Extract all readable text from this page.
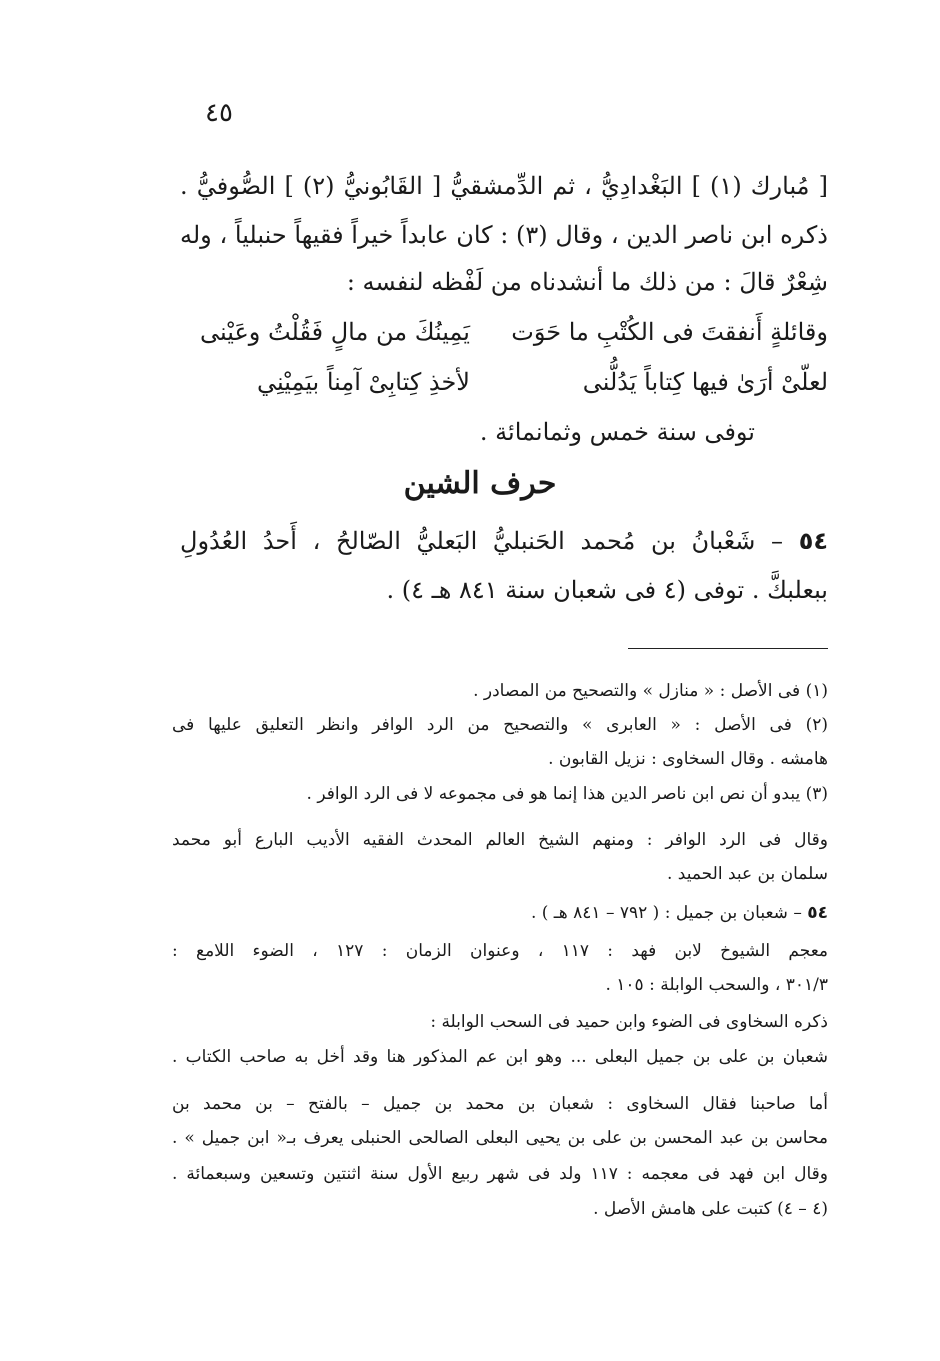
٤٥
[ مُبارك (١) ] البَغْدادِيُّ ، ثم الدِّمشقيُّ [ القَابُونيُّ (٢) ] الصُّوفيُّ .
ذكره ابن ناصر الدين ، وقال (٣) : كان عابداً خيراً فقيهاً حنبلياً ، وله
شِعْرٌ قالَ : من ذلك ما أنشدناه من لَفْظه لنفسه :
وقائلةٍ أَنفقتَ فى الكُتْبِ ما حَوَت
يَمِينُكَ من مالٍ فَقُلْتُ وعَيْنى
لعلّىْ أرَىٰ فيها كِتاباً يَدُلُّنى
لأخذِ كِتابِىْ آمِناً بيَمِيْنِي
توفى سنة خمس وثمانمائة .
حرف الشين
٥٤ – شَعْبانُ بن مُحمد الحَنبليُّ البَعليُّ الصّالحُ ، أَحدُ العُدُولِ
ببعلبكَّ . توفى (٤ فى شعبان سنة ٨٤١ هـ ٤) .
(١) فى الأصل : « منازل » والتصحيح من المصادر .
(٢) فى الأصل : « العابرى » والتصحيح من الرد الوافر وانظر التعليق عليها فى
هامشه . وقال السخاوى : نزيل القابون .
(٣) يبدو أن نص ابن ناصر الدين هذا إنما هو فى مجموعه لا فى الرد الوافر .
وقال فى الرد الوافر : ومنهم الشيخ العالم المحدث الفقيه الأديب البارع أبو محمد
سلمان بن عبد الحميد .
٥٤ – شعبان بن جميل : ( ٧٩٢ – ٨٤١ هـ ) .
معجم الشيوخ لابن فهد : ١١٧ ، وعنوان الزمان : ١٢٧ ، الضوء اللامع :
٣٠١/٣ ، والسحب الوابلة : ١٠٥ .
ذكره السخاوى فى الضوء وابن حميد فى السحب الوابلة :
شعبان بن على بن جميل البعلى ... وهو ابن عم المذكور هنا وقد أخل به صاحب الكتاب .
أما صاحبنا فقال السخاوى : شعبان بن محمد بن جميل – بالفتح – بن محمد بن
محاسن بن عبد المحسن بن على بن يحيى البعلى الصالحى الحنبلى يعرف بـ« ابن جميل » .
وقال ابن فهد فى معجمه : ١١٧ ولد فى شهر ربيع الأول سنة اثنتين وتسعين وسبعمائة .
(٤ – ٤) كتبت على هامش الأصل .
